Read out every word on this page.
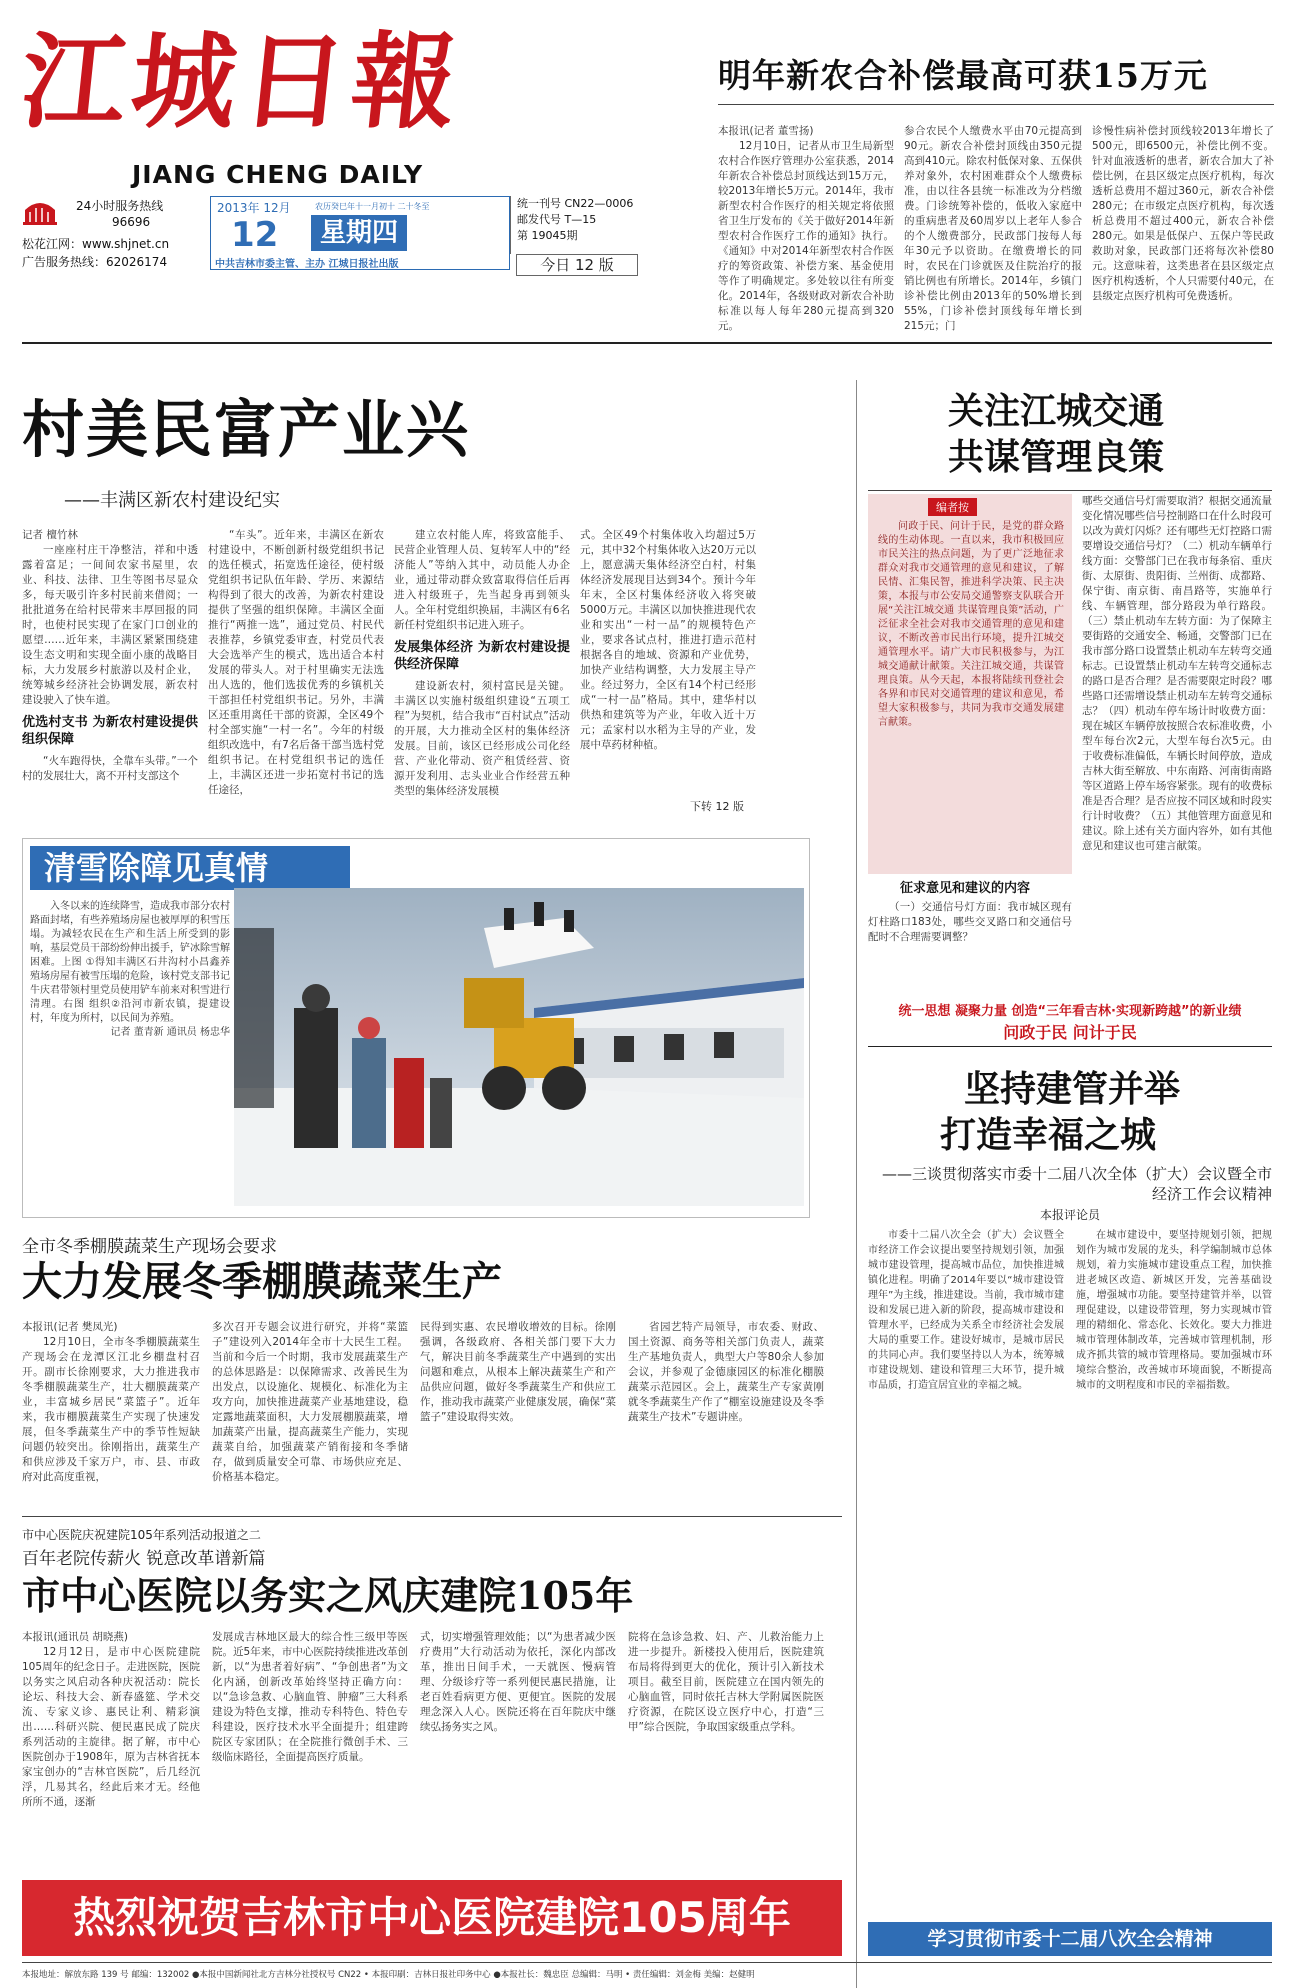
江城日報
JIANG CHENG DAILY
24小时服务热线
96696
松花江网：www.shjnet.cn
广告服务热线：62026174
2013年 12月
12
农历癸巳年十一月初十 二十冬至
星期四
中共吉林市委主管、主办 江城日报社出版
统一刊号 CN22—0006
邮发代号 T—15
第 19045期
今日 12 版
明年新农合补偿最高可获15万元
本报讯(记者 董雪扬)

12月10日，记者从市卫生局新型农村合作医疗管理办公室获悉，2014年新农合补偿总封顶线达到15万元，较2013年增长5万元。2014年，我市新型农村合作医疗的相关规定将依照省卫生厅发布的《关于做好2014年新型农村合作医疗工作的通知》执行。《通知》中对2014年新型农村合作医疗的筹资政策、补偿方案、基金使用等作了明确规定。多处较以往有所变化。2014年，各级财政对新农合补助标准以每人每年280元提高到320元。

参合农民个人缴费水平由70元提高到90元。新农合补偿封顶线由350元提高到410元。除农村低保对象、五保供养对象外，农村困难群众个人缴费标准，由以往各县统一标准改为分档缴费。门诊统筹补偿的，低收入家庭中的重病患者及60周岁以上老年人参合的个人缴费部分，民政部门按每人每年30元予以资助。在缴费增长的同时，农民在门诊就医及住院治疗的报销比例也有所增长。2014年，乡镇门诊补偿比例由2013年的50%增长到55%，门诊补偿封顶线每年增长到215元；门

诊慢性病补偿封顶线较2013年增长了500元，即6500元，补偿比例不变。针对血液透析的患者，新农合加大了补偿比例，在县区级定点医疗机构，每次透析总费用不超过360元，新农合补偿280元；在市级定点医疗机构，每次透析总费用不超过400元，新农合补偿280元。如果是低保户、五保户等民政救助对象，民政部门还将每次补偿80元。这意味着，这类患者在县区级定点医疗机构透析，个人只需要付40元，在县级定点医疗机构可免费透析。

村美民富产业兴
——丰满区新农村建设纪实
记者 檀竹林

一座座村庄干净整洁，祥和中透露着富足；一间间农家书屋里，农业、科技、法律、卫生等图书尽显众多，每天吸引许多村民前来借阅；一批批道务在给村民带来丰厚回报的同时，也使村民实现了在家门口创业的愿望……近年来，丰满区紧紧围绕建设生态文明和实现全面小康的战略目标，大力发展乡村旅游以及村企业，统筹城乡经济社会协调发展，新农村建设驶入了快车道。

优选村支书 为新农村建设提供组织保障

“火车跑得快，全靠车头带。”一个村的发展壮大，离不开村支部这个

“车头”。近年来，丰满区在新农村建设中，不断创新村级党组织书记的选任模式，拓宽选任途径，使村级党组织书记队伍年龄、学历、来源结构得到了很大的改善，为新农村建设提供了坚强的组织保障。丰满区全面推行“两推一选”，通过党员、村民代表推荐，乡镇党委审查，村党员代表大会选举产生的模式，选出适合本村发展的带头人。对于村里确实无法选出人选的，他们选拔优秀的乡镇机关干部担任村党组织书记。另外，丰满区还重用离任干部的资源，全区49个村全部实施“一村一名”。今年的村级组织改选中，有7名后备干部当选村党组织书记。在村党组织书记的选任上，丰满区还进一步拓宽村书记的选任途径，

建立农村能人库，将致富能手、民营企业管理人员、复转军人中的“经济能人”等纳入其中，动员能人办企业，通过带动群众致富取得信任后再进入村级班子，先当起身再到领头人。全年村党组织换届，丰满区有6名新任村党组织书记进入班子。

发展集体经济 为新农村建设提供经济保障

建设新农村，须村富民是关键。丰满区以实施村级组织建设“五项工程”为契机，结合我市“百村试点”活动的开展，大力推动全区村的集体经济发展。目前，该区已经形成公司化经营、产业化带动、资产租赁经营、资源开发利用、志头业业合作经营五种类型的集体经济发展模

式。全区49个村集体收入均超过5万元，其中32个村集体收入达20万元以上，愿意满天集体经济空白村，村集体经济发展现目达到34个。预计今年年末，全区村集体经济收入将突破5000万元。丰满区以加快推进现代农业和实出“一村一品”的规模特色产业，要求各试点村，推进打造示范村根据各自的地域、资源和产业优势，加快产业结构调整，大力发展主导产业。经过努力，全区有14个村已经形成“一村一品”格局。其中，建华村以供热和建筑等为产业，年收入近十万元；孟家村以水稻为主导的产业，发展中草药材种植。

下转 12 版
关注江城交通
共谋管理良策
编者按

问政于民、问计于民，是党的群众路线的生动体现。一直以来，我市积极回应市民关注的热点问题，为了更广泛地征求群众对我市交通管理的意见和建议，了解民情、汇集民智，推进科学决策、民主决策，本报与市公安局交通警察支队联合开展“关注江城交通 共谋管理良策”活动，广泛征求全社会对我市交通管理的意见和建议，不断改善市民出行环境，提升江城交通管理水平。请广大市民积极参与，为江城交通献计献策。关注江城交通，共谋管理良策。从今天起，本报将陆续刊登社会各界和市民对交通管理的建议和意见，希望大家积极参与，共同为我市交通发展建言献策。

征求意见和建议的内容

（一）交通信号灯方面：我市城区现有灯柱路口183处，哪些交叉路口和交通信号配时不合理需要调整？

哪些交通信号灯需要取消？根据交通流量变化情况哪些信号控制路口在什么时段可以改为黄灯闪烁？还有哪些无灯控路口需要增设交通信号灯？（二）机动车辆单行线方面：交警部门已在我市每条宿、重庆街、太原街、贵阳街、兰州街、成都路、保宁街、南京街、南昌路等，实施单行线、车辆管理，部分路段为单行路段。（三）禁止机动车左转方面：为了保障主要街路的交通安全、畅通，交警部门已在我市部分路口设置禁止机动车左转弯交通标志。已设置禁止机动车左转弯交通标志的路口是否合理？是否需要限定时段？哪些路口还需增设禁止机动车左转弯交通标志？（四）机动车停车场计时收费方面：现在城区车辆停放按照合农标准收费，小型车每台次2元，大型车每台次5元。由于收费标准偏低，车辆长时间停放，造成吉林大街至解放、中东南路、河南街南路等区道路上停车场容紧张。现有的收费标准是否合理？是否应按不同区域和时段实行计时收费？（五）其他管理方面意见和建议。除上述有关方面内容外，如有其他意见和建议也可建言献策。

统一思想 凝聚力量 创造“三年看吉林·实现新跨越”的新业绩
问政于民 问计于民
清雪除障见真情

入冬以来的连续降雪，造成我市部分农村路面封堵，有些养殖场房屋也被厚厚的积雪压塌。为减轻农民在生产和生活上所受到的影响，基层党员干部纷纷伸出援手，铲冰除雪解困难。上图 ①得知丰满区石井沟村小昌鑫养殖场房屋有被雪压塌的危险，该村党支部书记牛庆君带领村里党员使用铲车前来对积雪进行清理。右图 组织②沿河市新农镇，提建设村，年度为所村，以民间为养殖。

记者 董青新 通讯员 杨忠华
坚持建管并举
打造幸福之城
——三谈贯彻落实市委十二届八次全体（扩大）会议暨全市经济工作会议精神
本报评论员

市委十二届八次全会（扩大）会议暨全市经济工作会议提出要坚持规划引领，加强城市建设管理，提高城市品位，加快推进城镇化进程。明确了2014年要以“城市建设管理年”为主线，推进建设。当前，我市城市建设和发展已进入新的阶段，提高城市建设和管理水平，已经成为关系全市经济社会发展大局的重要工作。建设好城市，是城市居民的共同心声。我们要坚持以人为本，统筹城市建设规划、建设和管理三大环节，提升城市品质，打造宜居宜业的幸福之城。

在城市建设中，要坚持规划引领，把规划作为城市发展的龙头，科学编制城市总体规划，着力实施城市建设重点工程，加快推进老城区改造、新城区开发，完善基础设施，增强城市功能。要坚持建管并举，以管理促建设，以建设带管理，努力实现城市管理的精细化、常态化、长效化。要大力推进城市管理体制改革，完善城市管理机制，形成齐抓共管的城市管理格局。要加强城市环境综合整治，改善城市环境面貌，不断提高城市的文明程度和市民的幸福指数。

学习贯彻市委十二届八次全会精神
全市冬季棚膜蔬菜生产现场会要求
大力发展冬季棚膜蔬菜生产
本报讯(记者 樊凤光)

12月10日，全市冬季棚膜蔬菜生产现场会在龙潭区江北乡棚盘村召开。副市长徐刚要求，大力推进我市冬季棚膜蔬菜生产，壮大棚膜蔬菜产业，丰富城乡居民“菜篮子”。近年来，我市棚膜蔬菜生产实现了快速发展，但冬季蔬菜生产中的季节性短缺问题仍较突出。徐刚指出，蔬菜生产和供应涉及千家万户，市、县、市政府对此高度重视，

多次召开专题会议进行研究，并将“菜篮子”建设列入2014年全市十大民生工程。当前和今后一个时期，我市发展蔬菜生产的总体思路是：以保障需求、改善民生为出发点，以设施化、规模化、标准化为主攻方向，加快推进蔬菜产业基地建设，稳定露地蔬菜面积，大力发展棚膜蔬菜，增加蔬菜产出量，提高蔬菜生产能力，实现蔬菜自给，加强蔬菜产销衔接和冬季储存，做到质量安全可靠、市场供应充足、价格基本稳定。

民得到实惠、农民增收增效的目标。徐刚强调，各级政府、各相关部门要下大力气，解决目前冬季蔬菜生产中遇到的实出问题和难点，从根本上解决蔬菜生产和产品供应问题，做好冬季蔬菜生产和供应工作，推动我市蔬菜产业健康发展，确保“菜篮子”建设取得实效。

省园艺特产局领导，市农委、财政、国土资源、商务等相关部门负责人，蔬菜生产基地负责人，典型大户等80余人参加会议，并参观了金德康园区的标准化棚膜蔬菜示范园区。会上，蔬菜生产专家黄刚就冬季蔬菜生产作了“棚室设施建设及冬季蔬菜生产技术”专题讲座。

市中心医院庆祝建院105年系列活动报道之二
百年老院传薪火 锐意改革谱新篇
市中心医院以务实之风庆建院105年
本报讯(通讯员 胡晓燕)

12月12日，是市中心医院建院105周年的纪念日子。走进医院，医院以务实之风启动各种庆祝活动：院长论坛、科技大会、新春盛筵、学术交流、专家义诊、惠民让利、精彩演出……科研兴院、便民惠民成了院庆系列活动的主旋律。据了解，市中心医院创办于1908年，原为吉林省抚本家宝创办的“吉林官医院”，后几经沉浮，几易其名，经此后来才无。经他所所不通，逐渐

发展成吉林地区最大的综合性三级甲等医院。近5年来，市中心医院持续推进改革创新，以“为患者着好病”、“争创患者”为文化内涵，创新改革始终坚持正确方向：以“急诊急救、心脑血管、肿瘤”三大科系建设为特色支撑，推动专科特色、特色专科建设，医疗技术水平全面提升；组建跨院区专家团队；在全院推行微创手术、三级临床路径，全面提高医疗质量。

式，切实增强管理效能；以“为患者减少医疗费用”大行动活动为依托，深化内部改革，推出日间手术，一天就医、慢病管理、分级诊疗等一系列便民惠民措施，让老百姓看病更方便、更便宜。医院的发展理念深入人心。医院还将在百年院庆中继续弘扬务实之风。

院将在急诊急救、妇、产、儿救治能力上进一步提升。新楼投入使用后，医院建筑布局将得到更大的优化，预计引入新技术项目。截至目前，医院建立在国内领先的心脑血管，同时依托吉林大学附属医院医疗资源，在院区设立医疗中心，打造“三甲”综合医院，争取国家级重点学科。

热烈祝贺吉林市中心医院建院105周年
本报地址：解放东路 139 号 邮编：132002 ●本报中国新闻社北方吉林分社授权号 CN22 • 本报印刷：吉林日报社印务中心 ●本报社长：魏忠臣 总编辑：马明 • 责任编辑：刘金梅 美编：赵健明
